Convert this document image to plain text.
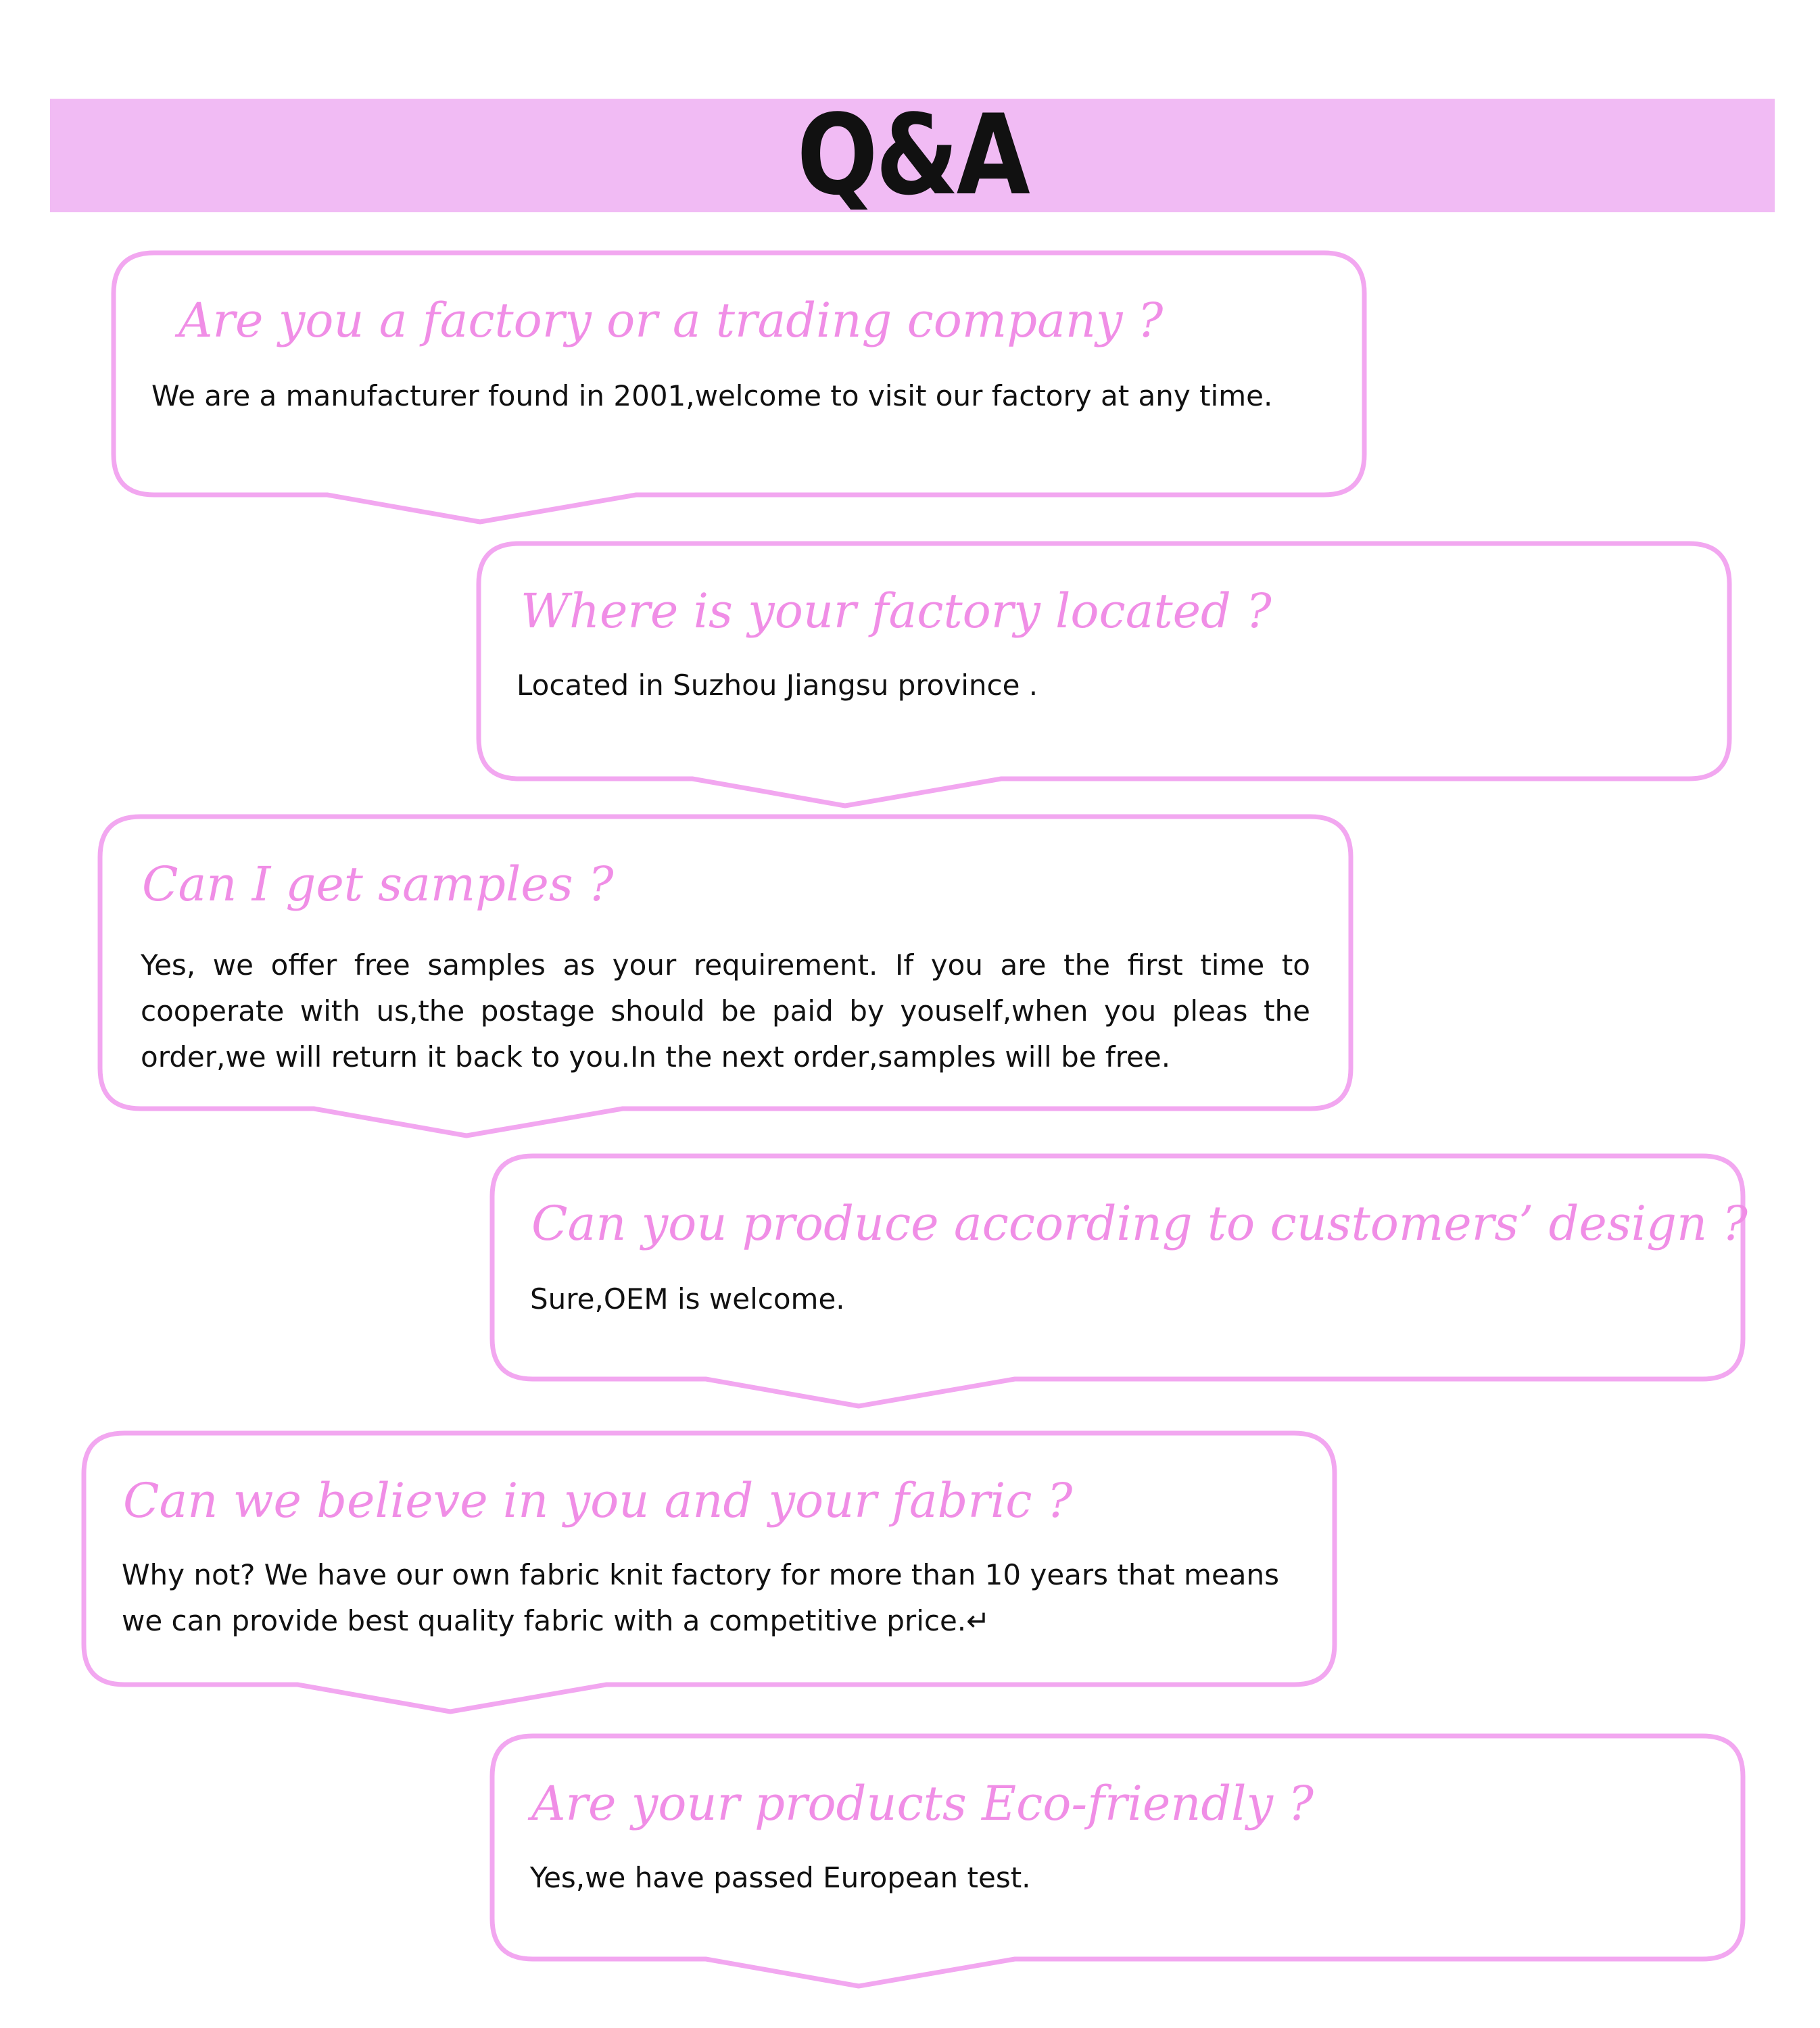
Q&A
Are you a factory or a trading company ?
We are a manufacturer found in 2001,welcome to visit our factory at any time.
Where is your factory located ?
Located in Suzhou Jiangsu province .
Can I get samples ?
Yes, we offer free samples as your requirement. If you are the first time to cooperate with us,the postage should be paid by youself,when you pleas the order,we will return it back to you.In the next order,samples will be free.
Can you produce according to customers’ design ?
Sure,OEM is welcome.
Can we believe in you and your fabric ?
Why not? We have our own fabric knit factory for more than 10 years that means we can provide best quality fabric with a competitive price.↵
Are your products Eco-friendly ?
Yes,we have passed European test.
